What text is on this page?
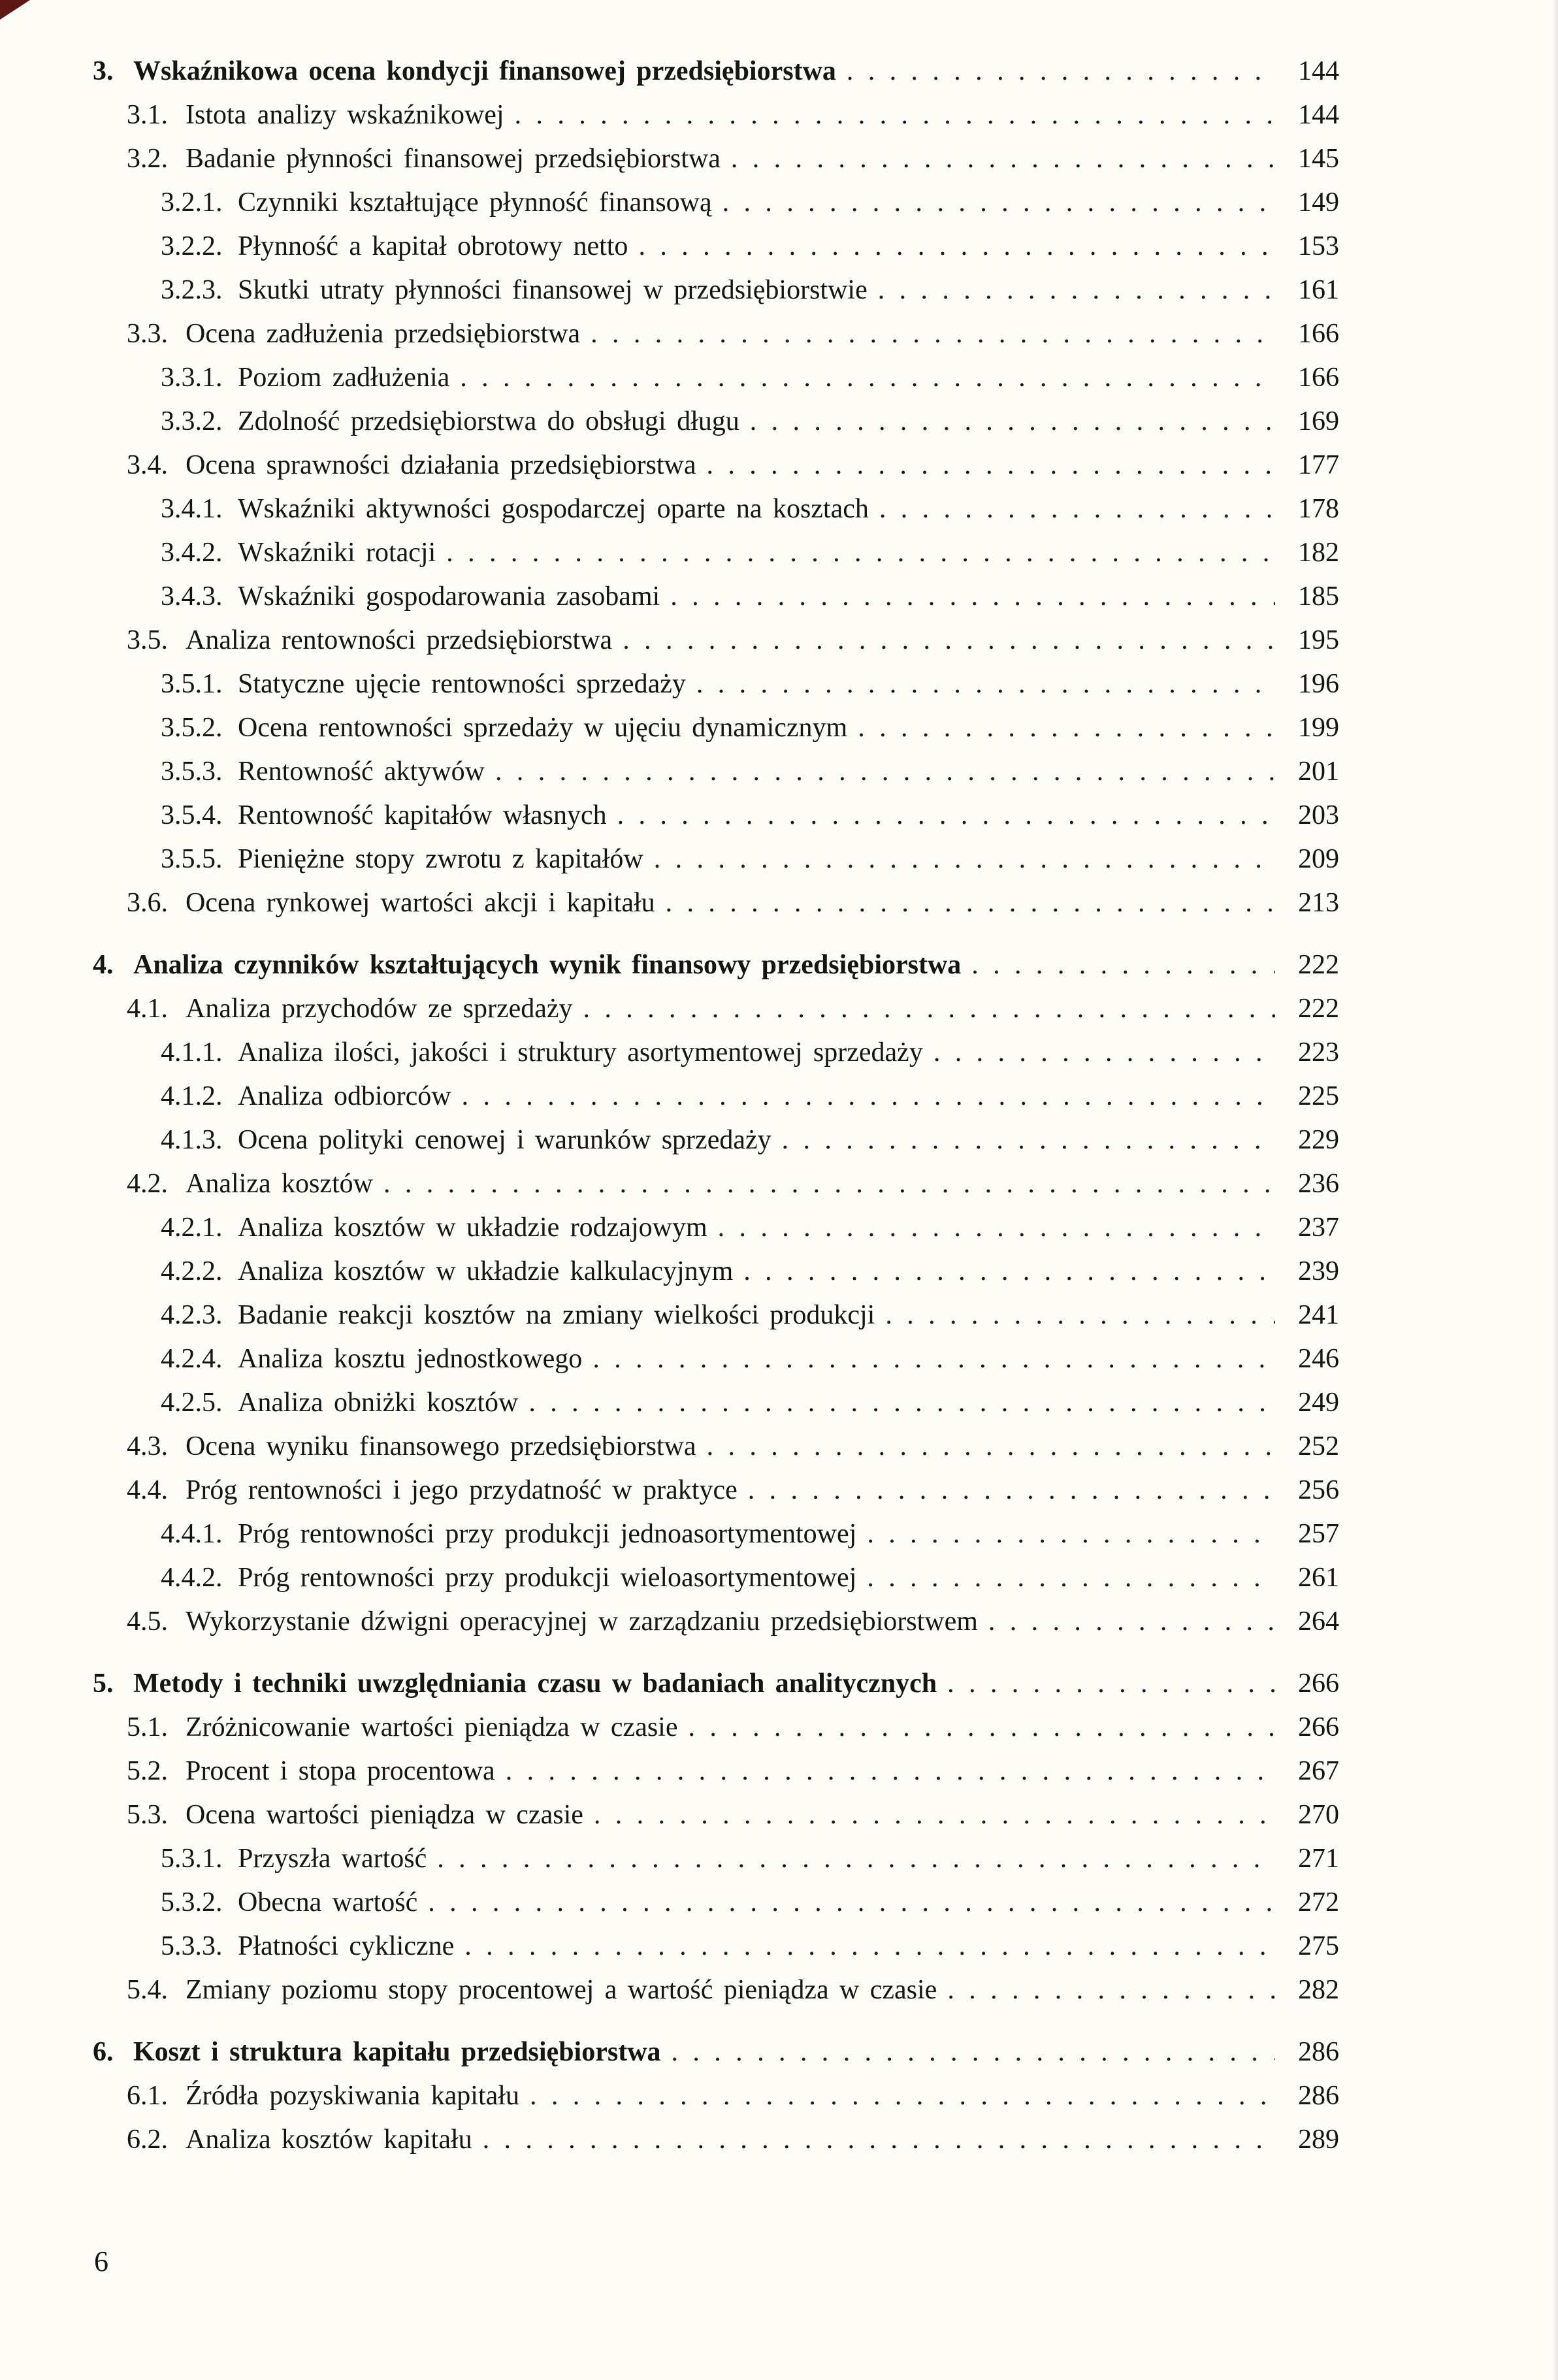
3. Wskaźnikowa ocena kondycji finansowej przedsiębiorstwa . . .	144
3.1. Istota analizy wskaźnikowej . . .	144
3.2. Badanie płynności finansowej przedsiębiorstwa . . .	145
3.2.1. Czynniki kształtujące płynność finansową . . .	149
3.2.2. Płynność a kapitał obrotowy netto . . .	153
3.2.3. Skutki utraty płynności finansowej w przedsiębiorstwie . . .	161
3.3. Ocena zadłużenia przedsiębiorstwa . . .	166
3.3.1. Poziom zadłużenia . . .	166
3.3.2. Zdolność przedsiębiorstwa do obsługi długu . . .	169
3.4. Ocena sprawności działania przedsiębiorstwa . . .	177
3.4.1. Wskaźniki aktywności gospodarczej oparte na kosztach . . .	178
3.4.2. Wskaźniki rotacji . . .	182
3.4.3. Wskaźniki gospodarowania zasobami . . .	185
3.5. Analiza rentowności przedsiębiorstwa . . .	195
3.5.1. Statyczne ujęcie rentowności sprzedaży . . .	196
3.5.2. Ocena rentowności sprzedaży w ujęciu dynamicznym . . .	199
3.5.3. Rentowność aktywów . . .	201
3.5.4. Rentowność kapitałów własnych . . .	203
3.5.5. Pieniężne stopy zwrotu z kapitałów . . .	209
3.6. Ocena rynkowej wartości akcji i kapitału . . .	213
4. Analiza czynników kształtujących wynik finansowy przedsiębiorstwa . . .	222
4.1. Analiza przychodów ze sprzedaży . . .	222
4.1.1. Analiza ilości, jakości i struktury asortymentowej sprzedaży . . .	223
4.1.2. Analiza odbiorców . . .	225
4.1.3. Ocena polityki cenowej i warunków sprzedaży . . .	229
4.2. Analiza kosztów . . .	236
4.2.1. Analiza kosztów w układzie rodzajowym . . .	237
4.2.2. Analiza kosztów w układzie kalkulacyjnym . . .	239
4.2.3. Badanie reakcji kosztów na zmiany wielkości produkcji . . .	241
4.2.4. Analiza kosztu jednostkowego . . .	246
4.2.5. Analiza obniżki kosztów . . .	249
4.3. Ocena wyniku finansowego przedsiębiorstwa . . .	252
4.4. Próg rentowności i jego przydatność w praktyce . . .	256
4.4.1. Próg rentowności przy produkcji jednoasortymentowej . . .	257
4.4.2. Próg rentowności przy produkcji wieloasortymentowej . . .	261
4.5. Wykorzystanie dźwigni operacyjnej w zarządzaniu przedsiębiorstwem . . .	264
5. Metody i techniki uwzględniania czasu w badaniach analitycznych . . .	266
5.1. Zróżnicowanie wartości pieniądza w czasie . . .	266
5.2. Procent i stopa procentowa . . .	267
5.3. Ocena wartości pieniądza w czasie . . .	270
5.3.1. Przyszła wartość . . .	271
5.3.2. Obecna wartość . . .	272
5.3.3. Płatności cykliczne . . .	275
5.4. Zmiany poziomu stopy procentowej a wartość pieniądza w czasie . . .	282
6. Koszt i struktura kapitału przedsiębiorstwa . . .	286
6.1. Źródła pozyskiwania kapitału . . .	286
6.2. Analiza kosztów kapitału . . .	289
6
